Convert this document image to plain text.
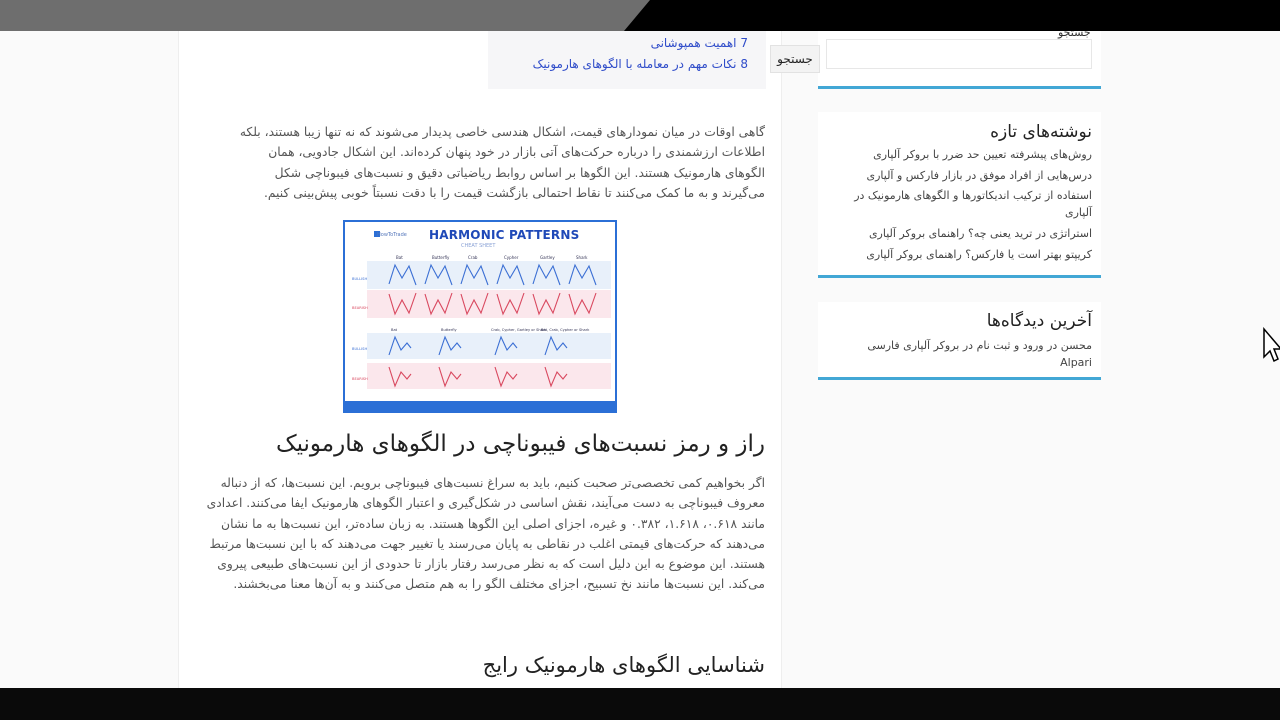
7 اهمیت همپوشانی
8 نکات مهم در معامله با الگوهای هارمونیک
جستجو
جستجو
نوشته‌های تازه
روش‌های پیشرفته تعیین حد ضرر با بروکر آلپاری
درس‌هایی از افراد موفق در بازار فارکس و آلپاری
استفاده از ترکیب اندیکاتورها و الگوهای هارمونیک در آلپاری
استراتژی در ترید یعنی چه؟ راهنمای بروکر آلپاری
کریپتو بهتر است یا فارکس؟ راهنمای بروکر آلپاری
آخرین دیدگاه‌ها
محسن در ورود و ثبت نام در بروکر آلپاری فارسی Alpari

گاهی اوقات در میان نمودارهای قیمت، اشکال هندسی خاصی پدیدار می‌شوند که نه تنها زیبا هستند، بلکه اطلاعات ارزشمندی را درباره حرکت‌های آتی بازار در خود پنهان کرده‌اند. این اشکال جادویی، همان الگوهای هارمونیک هستند. این الگوها بر اساس روابط ریاضیاتی دقیق و نسبت‌های فیبوناچی شکل می‌گیرند و به ما کمک می‌کنند تا نقاط احتمالی بازگشت قیمت را با دقت نسبتاً خوبی پیش‌بینی کنیم.

HowToTrade HARMONIC PATTERNS
CHEAT SHEET
Bat	Butterfly	Crab	Cypher	Gartley	Shark
Bat	Butterfly	Crab, Cypher, Gartley or Shark
Bat, Crab, Cypher or Shark
BULLISH
BEARISH
BULLISH
BEARISH
راز و رمز نسبت‌های فیبوناچی در الگوهای هارمونیک

اگر بخواهیم کمی تخصصی‌تر صحبت کنیم، باید به سراغ نسبت‌های فیبوناچی برویم. این نسبت‌ها، که از دنباله معروف فیبوناچی به دست می‌آیند، نقش اساسی در شکل‌گیری و اعتبار الگوهای هارمونیک ایفا می‌کنند. اعدادی مانند ۰.۶۱۸، ۱.۶۱۸، ۰.۳۸۲ و غیره، اجزای اصلی این الگوها هستند. به زبان ساده‌تر، این نسبت‌ها به ما نشان می‌دهند که حرکت‌های قیمتی اغلب در نقاطی به پایان می‌رسند یا تغییر جهت می‌دهند که با این نسبت‌ها مرتبط هستند. این موضوع به این دلیل است که به نظر می‌رسد رفتار بازار تا حدودی از این نسبت‌های طبیعی پیروی می‌کند. این نسبت‌ها مانند نخ تسبیح، اجزای مختلف الگو را به هم متصل می‌کنند و به آن‌ها معنا می‌بخشند.

شناسایی الگوهای هارمونیک رایج
